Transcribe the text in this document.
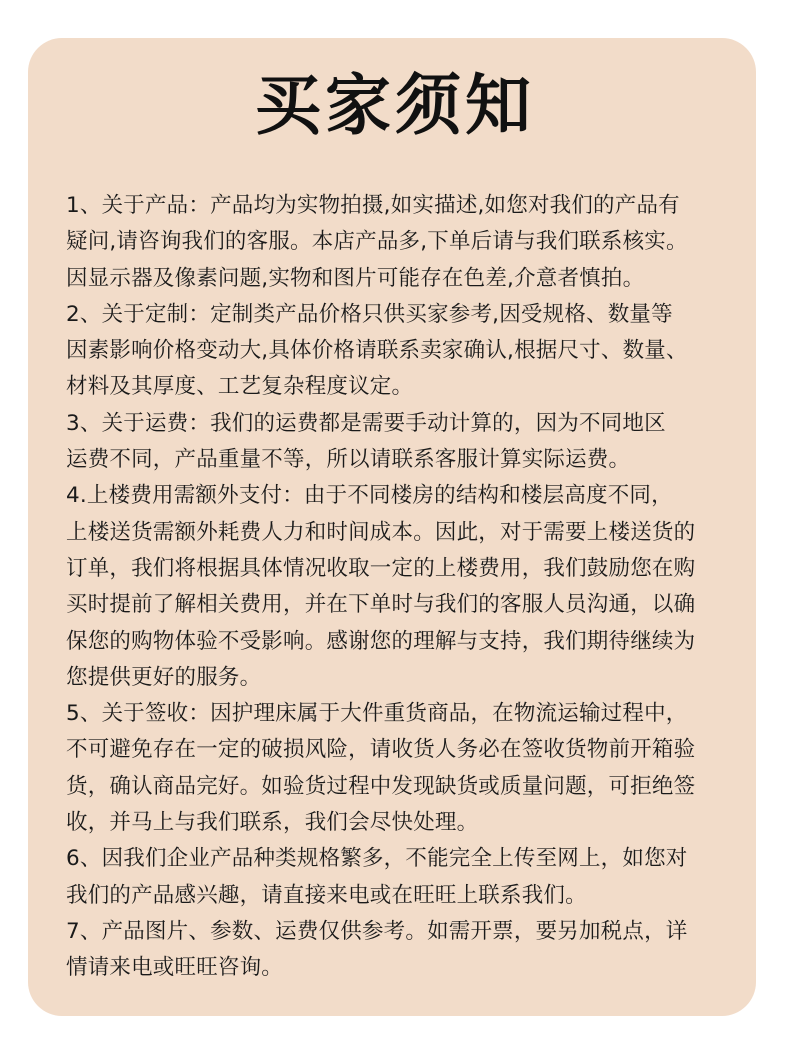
买家须知
1、关于产品：产品均为实物拍摄,如实描述,如您对我们的产品有
疑问,请咨询我们的客服。本店产品多,下单后请与我们联系核实。
因显示器及像素问题,实物和图片可能存在色差,介意者慎拍。
2、关于定制：定制类产品价格只供买家参考,因受规格、数量等
因素影响价格变动大,具体价格请联系卖家确认,根据尺寸、数量、
材料及其厚度、工艺复杂程度议定。
3、关于运费：我们的运费都是需要手动计算的，因为不同地区
运费不同，产品重量不等，所以请联系客服计算实际运费。
4.上楼费用需额外支付：由于不同楼房的结构和楼层高度不同，
上楼送货需额外耗费人力和时间成本。因此，对于需要上楼送货的
订单，我们将根据具体情况收取一定的上楼费用，我们鼓励您在购
买时提前了解相关费用，并在下单时与我们的客服人员沟通，以确
保您的购物体验不受影响。感谢您的理解与支持，我们期待继续为
您提供更好的服务。
5、关于签收：因护理床属于大件重货商品，在物流运输过程中，
不可避免存在一定的破损风险，请收货人务必在签收货物前开箱验
货，确认商品完好。如验货过程中发现缺货或质量问题，可拒绝签
收，并马上与我们联系，我们会尽快处理。
6、因我们企业产品种类规格繁多，不能完全上传至网上，如您对
我们的产品感兴趣，请直接来电或在旺旺上联系我们。
7、产品图片、参数、运费仅供参考。如需开票，要另加税点，详
情请来电或旺旺咨询。
